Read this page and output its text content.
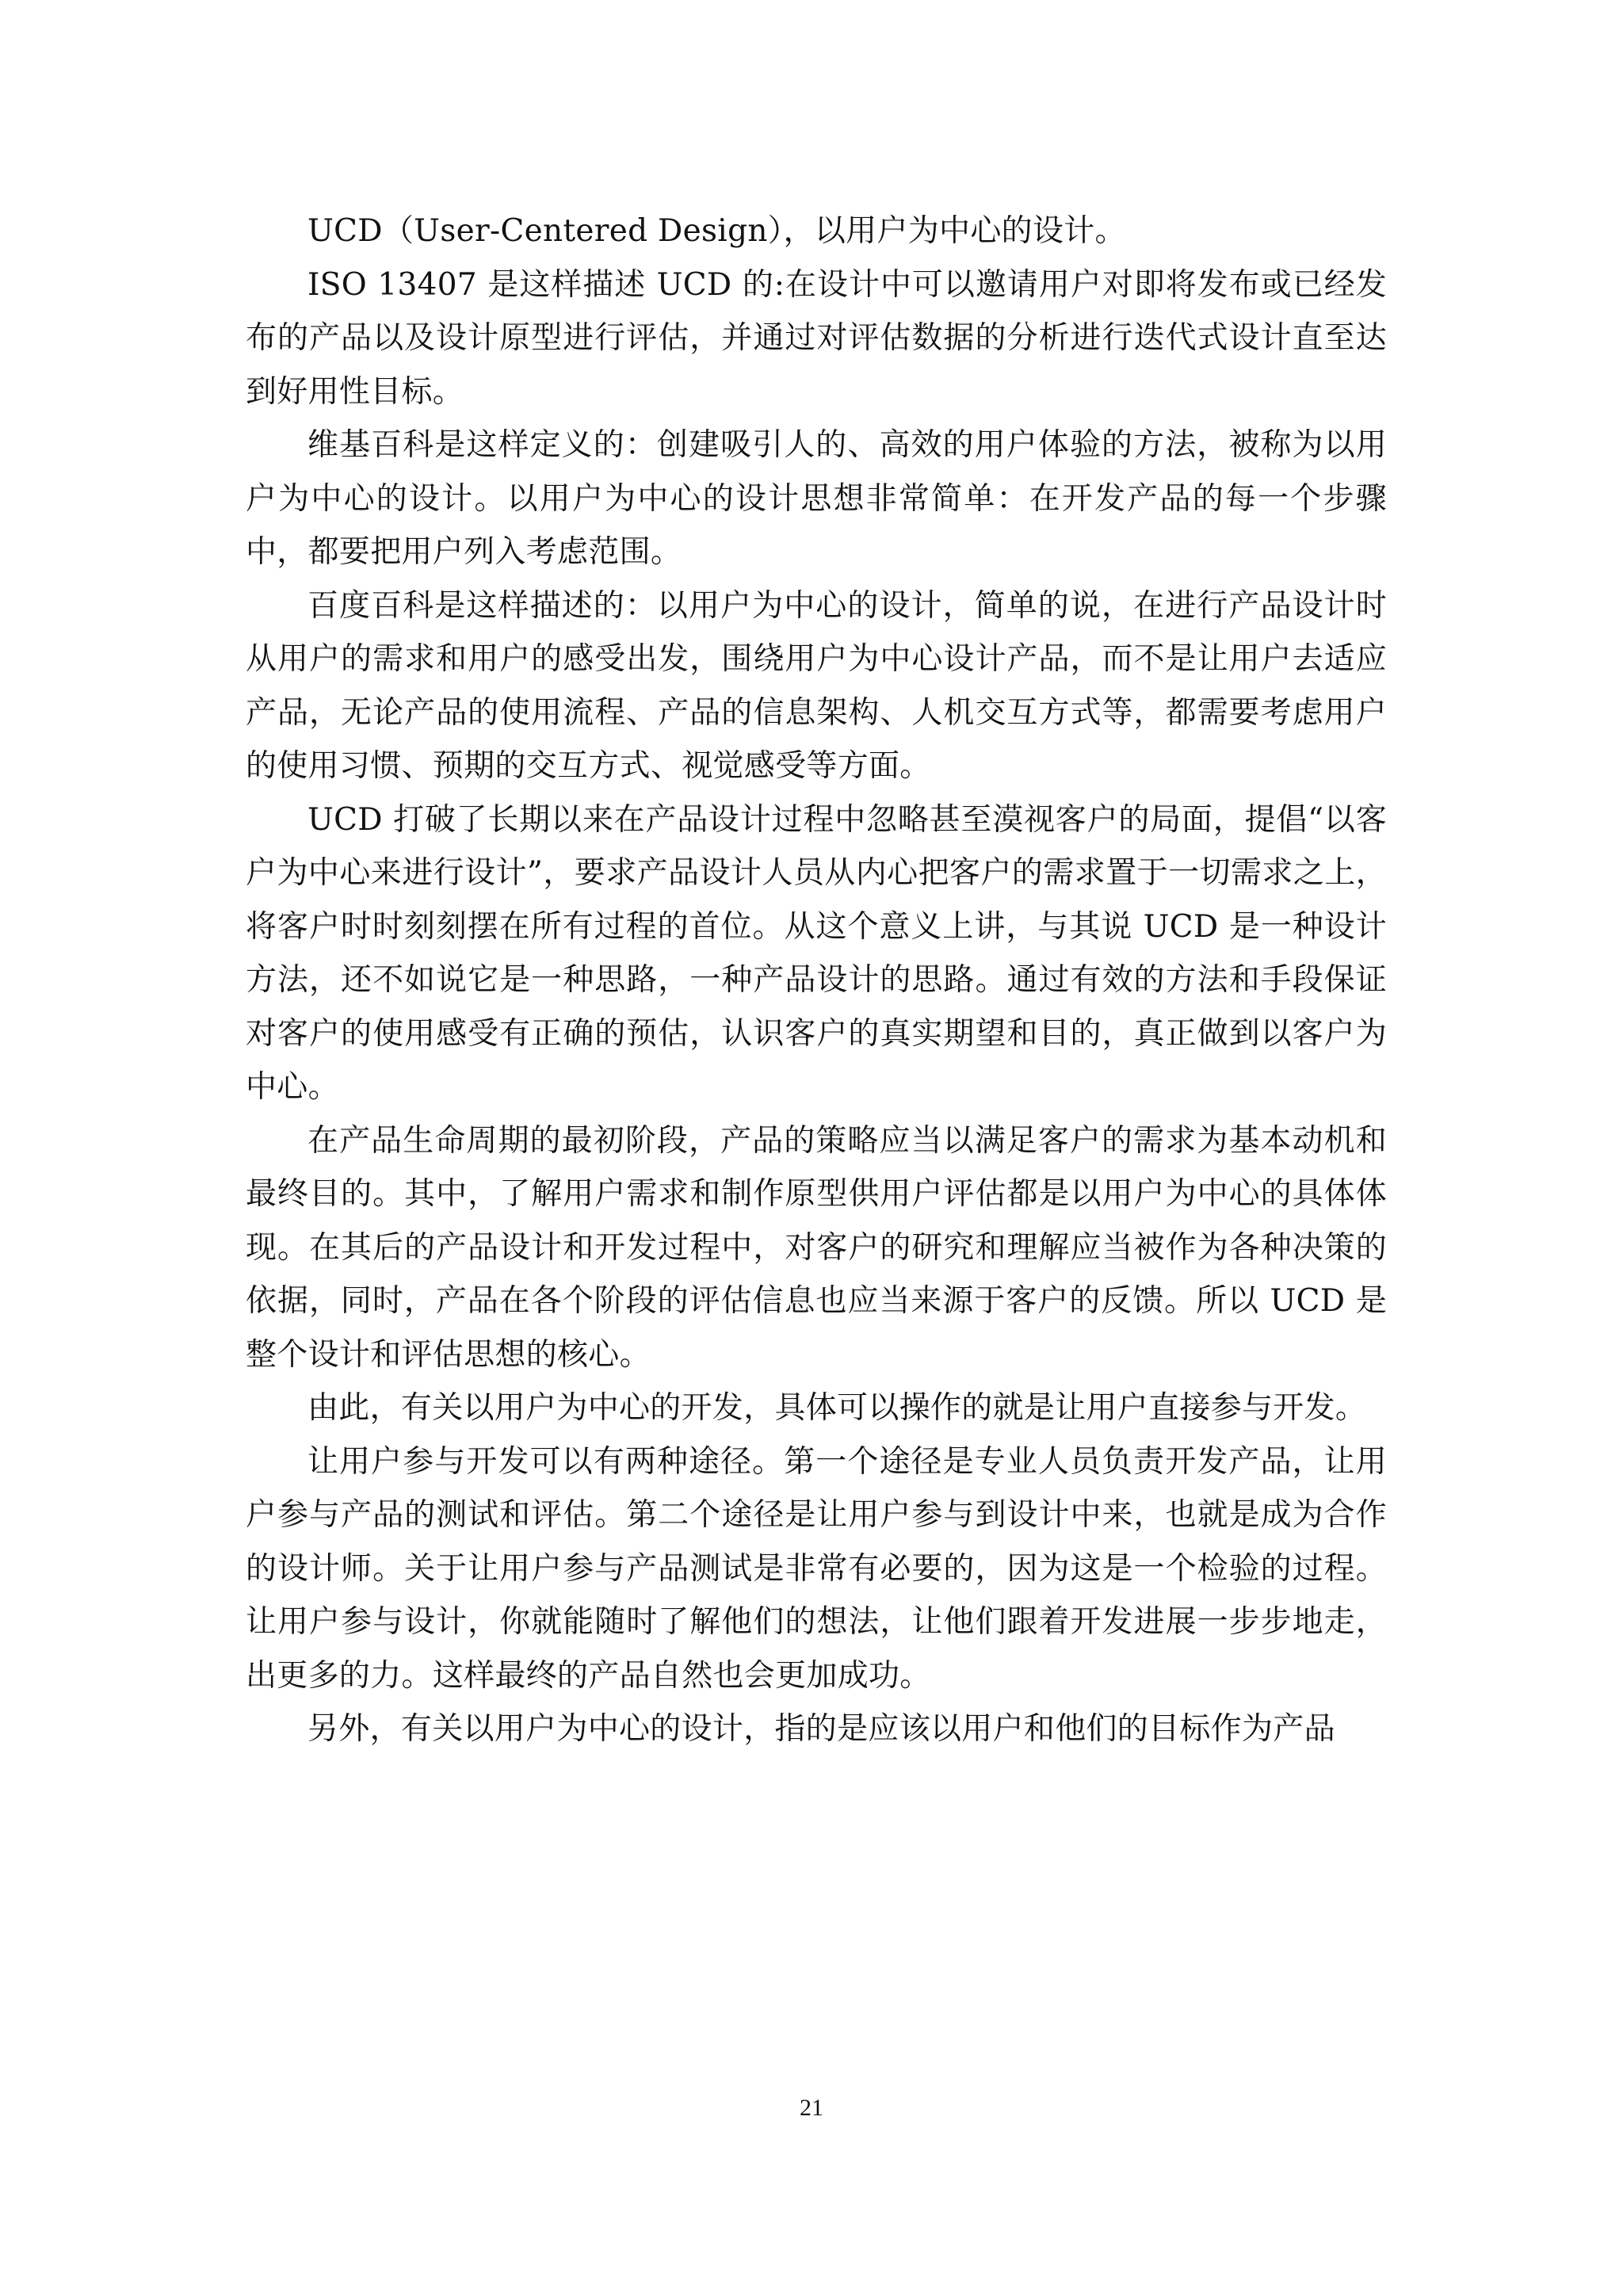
UCD（User-Centered Design），以用户为中心的设计。

ISO 13407 是这样描述 UCD 的:在设计中可以邀请用户对即将发布或已经发布的产品以及设计原型进行评估，并通过对评估数据的分析进行迭代式设计直至达到好用性目标。

维基百科是这样定义的：创建吸引人的、高效的用户体验的方法，被称为以用户为中心的设计。以用户为中心的设计思想非常简单：在开发产品的每一个步骤中，都要把用户列入考虑范围。

百度百科是这样描述的：以用户为中心的设计，简单的说，在进行产品设计时从用户的需求和用户的感受出发，围绕用户为中心设计产品，而不是让用户去适应产品，无论产品的使用流程、产品的信息架构、人机交互方式等，都需要考虑用户的使用习惯、预期的交互方式、视觉感受等方面。

UCD 打破了长期以来在产品设计过程中忽略甚至漠视客户的局面，提倡“以客户为中心来进行设计”，要求产品设计人员从内心把客户的需求置于一切需求之上，将客户时时刻刻摆在所有过程的首位。从这个意义上讲，与其说 UCD 是一种设计方法，还不如说它是一种思路，一种产品设计的思路。通过有效的方法和手段保证对客户的使用感受有正确的预估，认识客户的真实期望和目的，真正做到以客户为中心。

在产品生命周期的最初阶段，产品的策略应当以满足客户的需求为基本动机和最终目的。其中，了解用户需求和制作原型供用户评估都是以用户为中心的具体体现。在其后的产品设计和开发过程中，对客户的研究和理解应当被作为各种决策的依据，同时，产品在各个阶段的评估信息也应当来源于客户的反馈。所以 UCD 是整个设计和评估思想的核心。

由此，有关以用户为中心的开发，具体可以操作的就是让用户直接参与开发。

让用户参与开发可以有两种途径。第一个途径是专业人员负责开发产品，让用户参与产品的测试和评估。第二个途径是让用户参与到设计中来，也就是成为合作的设计师。关于让用户参与产品测试是非常有必要的，因为这是一个检验的过程。让用户参与设计，你就能随时了解他们的想法，让他们跟着开发进展一步步地走，出更多的力。这样最终的产品自然也会更加成功。

另外，有关以用户为中心的设计，指的是应该以用户和他们的目标作为产品

21
